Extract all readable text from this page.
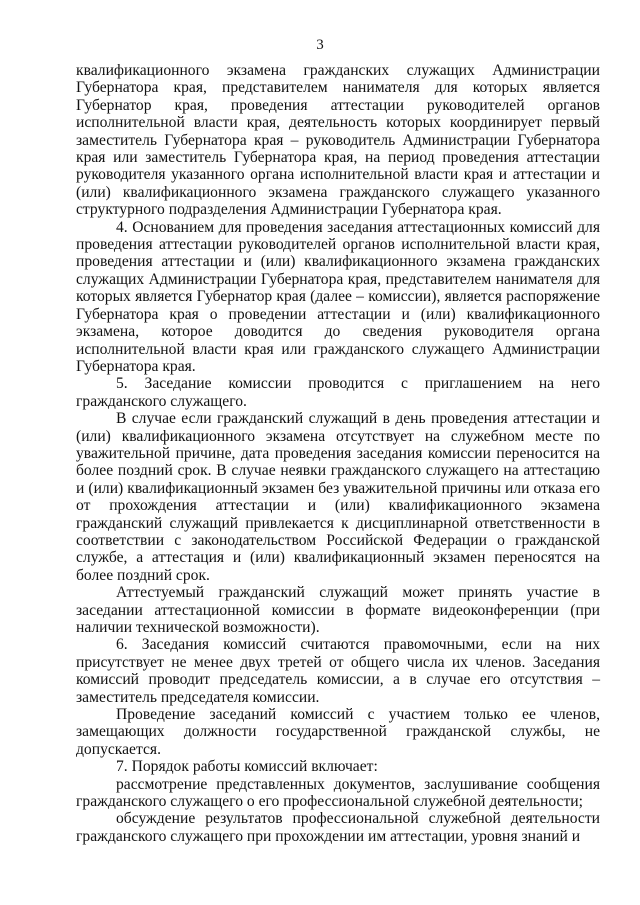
3

квалификационного экзамена гражданских служащих Администрации Губернатора края, представителем нанимателя для которых является Губернатор края, проведения аттестации руководителей органов исполнительной власти края, деятельность которых координирует первый заместитель Губернатора края – руководитель Администрации Губернатора края или заместитель Губернатора края, на период проведения аттестации руководителя указанного органа исполнительной власти края и аттестации и (или) квалификационного экзамена гражданского служащего указанного структурного подразделения Администрации Губернатора края.

4. Основанием для проведения заседания аттестационных комиссий для проведения аттестации руководителей органов исполнительной власти края, проведения аттестации и (или) квалификационного экзамена гражданских служащих Администрации Губернатора края, представителем нанимателя для которых является Губернатор края (далее – комиссии), является распоряжение Губернатора края о проведении аттестации и (или) квалификационного экзамена, которое доводится до сведения руководителя органа исполнительной власти края или гражданского служащего Администрации Губернатора края.

5. Заседание комиссии проводится с приглашением на него гражданского служащего.

В случае если гражданский служащий в день проведения аттестации и (или) квалификационного экзамена отсутствует на служебном месте по уважительной причине, дата проведения заседания комиссии переносится на более поздний срок. В случае неявки гражданского служащего на аттестацию и (или) квалификационный экзамен без уважительной причины или отказа его от прохождения аттестации и (или) квалификационного экзамена гражданский служащий привлекается к дисциплинарной ответственности в соответствии с законодательством Российской Федерации о гражданской службе, а аттестация и (или) квалификационный экзамен переносятся на более поздний срок.

Аттестуемый гражданский служащий может принять участие в заседании аттестационной комиссии в формате видеоконференции (при наличии технической возможности).

6. Заседания комиссий считаются правомочными, если на них присутствует не менее двух третей от общего числа их членов. Заседания комиссий проводит председатель комиссии, а в случае его отсутствия – заместитель председателя комиссии.

Проведение заседаний комиссий с участием только ее членов, замещающих должности государственной гражданской службы, не допускается.

7. Порядок работы комиссий включает:

рассмотрение представленных документов, заслушивание сообщения гражданского служащего о его профессиональной служебной деятельности;

обсуждение результатов профессиональной служебной деятельности гражданского служащего при прохождении им аттестации, уровня знаний и
